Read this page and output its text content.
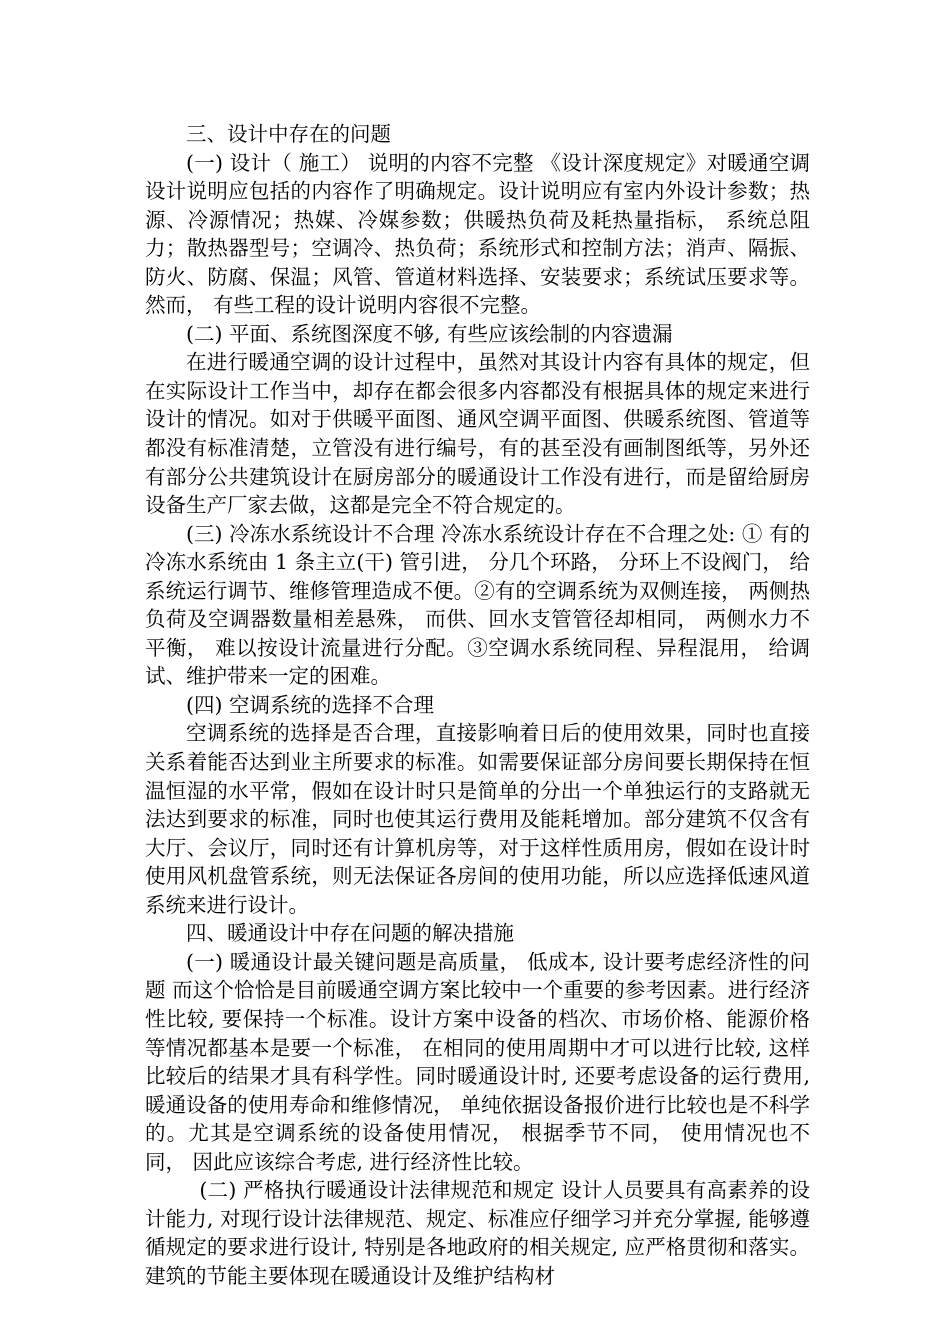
三、设计中存在的问题

(一) 设计（ 施工） 说明的内容不完整 《设计深度规定》对暖通空调设计说明应包括的内容作了明确规定。设计说明应有室内外设计参数；热源、冷源情况；热媒、冷媒参数；供暖热负荷及耗热量指标， 系统总阻力；散热器型号；空调冷、热负荷；系统形式和控制方法；消声、隔振、防火、防腐、保温；风管、管道材料选择、安装要求；系统试压要求等。然而， 有些工程的设计说明内容很不完整。

(二) 平面、系统图深度不够, 有些应该绘制的内容遗漏

在进行暖通空调的设计过程中，虽然对其设计内容有具体的规定，但在实际设计工作当中，却存在都会很多内容都没有根据具体的规定来进行设计的情况。如对于供暖平面图、通风空调平面图、供暖系统图、管道等都没有标准清楚，立管没有进行编号，有的甚至没有画制图纸等，另外还有部分公共建筑设计在厨房部分的暖通设计工作没有进行，而是留给厨房设备生产厂家去做，这都是完全不符合规定的。

(三) 冷冻水系统设计不合理 冷冻水系统设计存在不合理之处: ① 有的冷冻水系统由 1 条主立(干) 管引进， 分几个环路， 分环上不设阀门， 给系统运行调节、维修管理造成不便。②有的空调系统为双侧连接， 两侧热负荷及空调器数量相差悬殊， 而供、回水支管管径却相同， 两侧水力不平衡， 难以按设计流量进行分配。③空调水系统同程、异程混用， 给调试、维护带来一定的困难。

(四) 空调系统的选择不合理

空调系统的选择是否合理，直接影响着日后的使用效果，同时也直接关系着能否达到业主所要求的标准。如需要保证部分房间要长期保持在恒温恒湿的水平常，假如在设计时只是简单的分出一个单独运行的支路就无法达到要求的标准，同时也使其运行费用及能耗增加。部分建筑不仅含有大厅、会议厅，同时还有计算机房等，对于这样性质用房，假如在设计时使用风机盘管系统，则无法保证各房间的使用功能，所以应选择低速风道系统来进行设计。

四、暖通设计中存在问题的解决措施

(一) 暖通设计最关键问题是高质量， 低成本, 设计要考虑经济性的问题 而这个恰恰是目前暖通空调方案比较中一个重要的参考因素。进行经济性比较, 要保持一个标准。设计方案中设备的档次、市场价格、能源价格等情况都基本是要一个标准， 在相同的使用周期中才可以进行比较, 这样比较后的结果才具有科学性。同时暖通设计时, 还要考虑设备的运行费用, 暖通设备的使用寿命和维修情况， 单纯依据设备报价进行比较也是不科学的。尤其是空调系统的设备使用情况， 根据季节不同， 使用情况也不同， 因此应该综合考虑, 进行经济性比较。

(二) 严格执行暖通设计法律规范和规定 设计人员要具有高素养的设计能力, 对现行设计法律规范、规定、标准应仔细学习并充分掌握, 能够遵循规定的要求进行设计, 特别是各地政府的相关规定, 应严格贯彻和落实。建筑的节能主要体现在暖通设计及维护结构材
